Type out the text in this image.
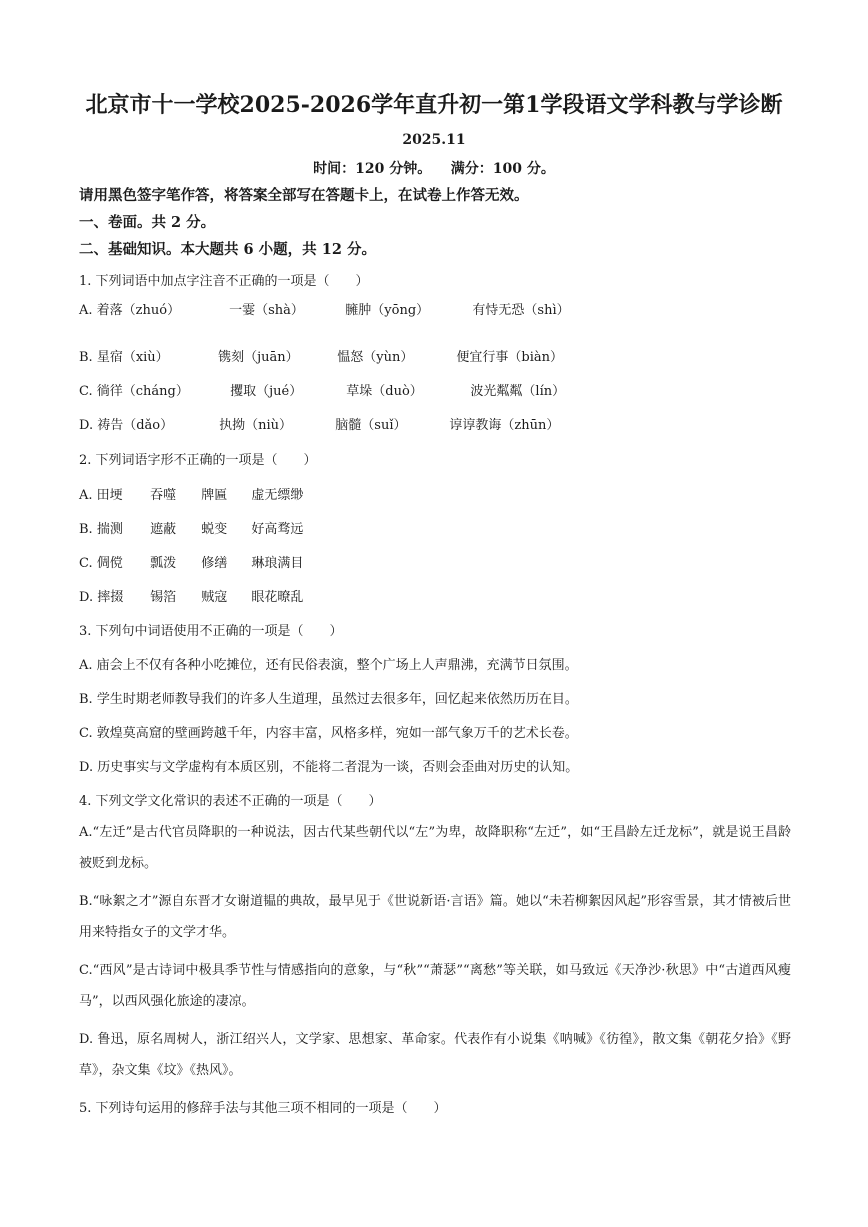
北京市十一学校2025-2026学年直升初一第1学段语文学科教与学诊断
2025.11
时间：120 分钟。 满分：100 分。
请用黑色签字笔作答，将答案全部写在答题卡上，在试卷上作答无效。
一、卷面。共 2 分。
二、基础知识。本大题共 6 小题，共 12 分。
1. 下列词语中加点字注音不正确的一项是（　　）
A. 着落（zhuó）	一霎（shà）	臃肿（yōng）	有恃无恐（shì）
B. 星宿（xiù）	镌刻（juān）	愠怒（yùn）	便宜行事（biàn）
C. 徜徉（cháng）	攫取（jué）	草垛（duò）	波光粼粼（lín）
D. 祷告（dǎo）	执拗（niù）	脑髓（suǐ）	谆谆教诲（zhūn）
2. 下列词语字形不正确的一项是（　　）
A. 田埂 吞噬 牌匾 虚无缥缈
B. 揣测 遮蔽 蜕变 好高骛远
C. 倜傥 瓢泼 修缮 琳琅满目
D. 摔掇 锡箔 贼寇 眼花暸乱
3. 下列句中词语使用不正确的一项是（　　）
A. 庙会上不仅有各种小吃摊位，还有民俗表演，整个广场上人声鼎沸，充满节日氛围。
B. 学生时期老师教导我们的许多人生道理，虽然过去很多年，回忆起来依然历历在目。
C. 敦煌莫高窟的壁画跨越千年，内容丰富，风格多样，宛如一部气象万千的艺术长卷。
D. 历史事实与文学虚构有本质区别，不能将二者混为一谈，否则会歪曲对历史的认知。
4. 下列文学文化常识的表述不正确的一项是（　　）
A.“左迁”是古代官员降职的一种说法，因古代某些朝代以“左”为卑，故降职称“左迁”，如“王昌龄左迁龙标”，就是说王昌龄被贬到龙标。
B.“咏絮之才”源自东晋才女谢道韫的典故，最早见于《世说新语·言语》篇。她以“未若柳絮因风起”形容雪景，其才情被后世用来特指女子的文学才华。
C.“西风”是古诗词中极具季节性与情感指向的意象，与“秋”“萧瑟”“离愁”等关联，如马致远《天净沙·秋思》中“古道西风瘦马”，以西风强化旅途的凄凉。
D. 鲁迅，原名周树人，浙江绍兴人，文学家、思想家、革命家。代表作有小说集《呐喊》《彷徨》，散文集《朝花夕拾》《野草》，杂文集《坟》《热风》。
5. 下列诗句运用的修辞手法与其他三项不相同的一项是（　　）
